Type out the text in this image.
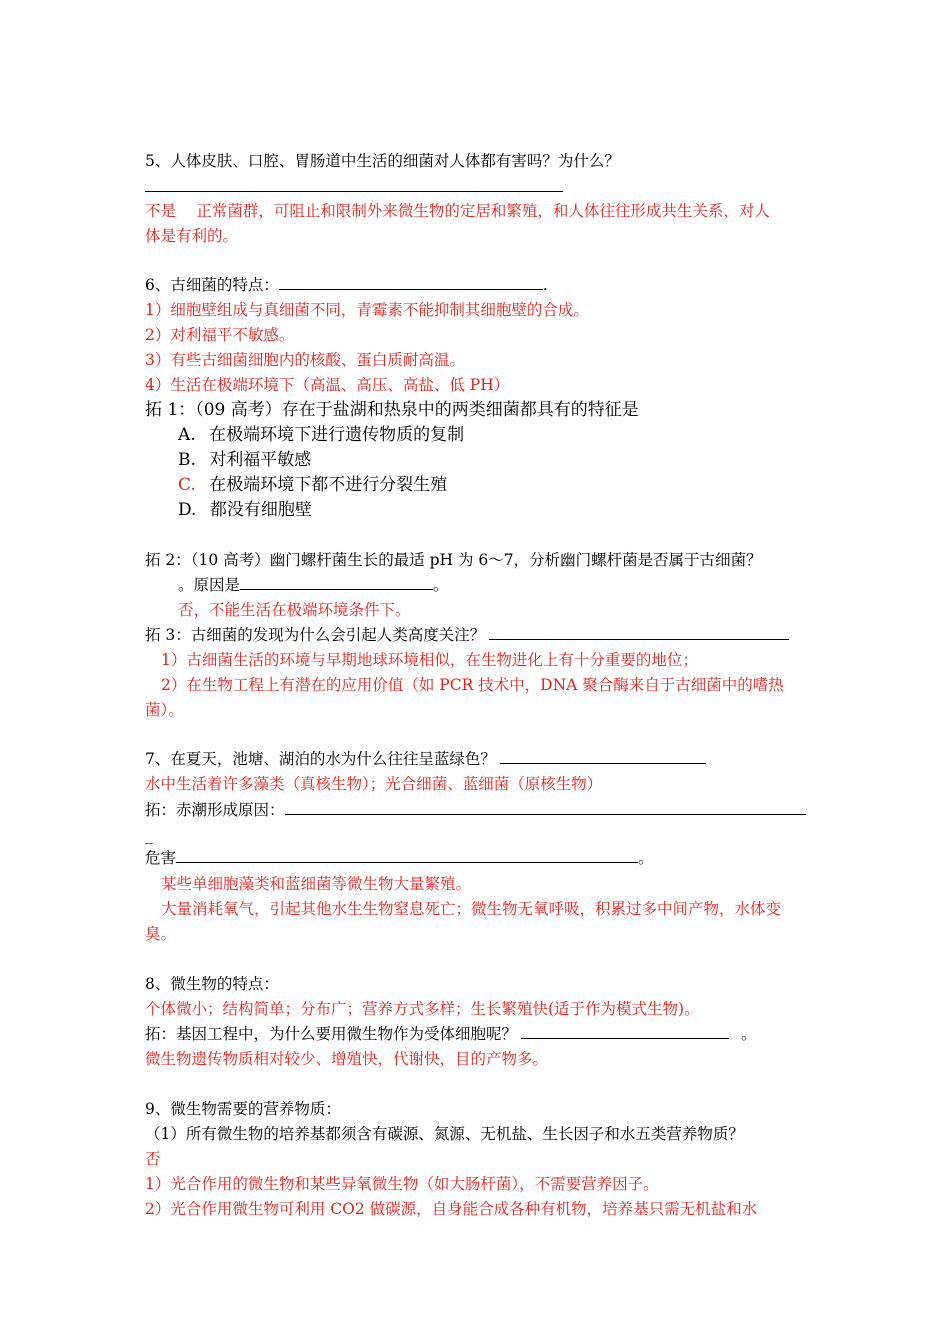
5、人体皮肤、口腔、胃肠道中生活的细菌对人体都有害吗？为什么？
不是　 正常菌群，可阻止和限制外来微生物的定居和繁殖，和人体往往形成共生关系，对人
体是有利的。
6、古细菌的特点：	.
1）细胞壁组成与真细菌不同，青霉素不能抑制其细胞壁的合成。
2）对利福平不敏感。
3）有些古细菌细胞内的核酸、蛋白质耐高温。
4）生活在极端环境下（高温、高压、高盐、低 PH）
拓 1：（09 高考）存在于盐湖和热泉中的两类细菌都具有的特征是
A. 在极端环境下进行遗传物质的复制
B. 对利福平敏感
C. 在极端环境下都不进行分裂生殖
D. 都没有细胞壁
拓 2：（10 高考）幽门螺杆菌生长的最适 pH 为 6～7，分析幽门螺杆菌是否属于古细菌？
。原因是	。
否，不能生活在极端环境条件下。
拓 3：古细菌的发现为什么会引起人类高度关注？
1）古细菌生活的环境与早期地球环境相似，在生物进化上有十分重要的地位；
2）在生物工程上有潜在的应用价值（如 PCR 技术中，DNA 聚合酶来自于古细菌中的嗜热
菌）。
7、在夏天，池塘、湖泊的水为什么往往呈蓝绿色？
水中生活着许多藻类（真核生物）；光合细菌、蓝细菌（原核生物）
拓：赤潮形成原因：
_
危害	。
某些单细胞藻类和蓝细菌等微生物大量繁殖。
大量消耗氧气，引起其他水生生物窒息死亡；微生物无氧呼吸，积累过多中间产物，水体变
臭。
8、微生物的特点：
个体微小；结构简单；分布广；营养方式多样；生长繁殖快(适于作为模式生物)。
拓：基因工程中，为什么要用微生物作为受体细胞呢？	。
微生物遗传物质相对较少、增殖快，代谢快，目的产物多。
9、微生物需要的营养物质：
（1）所有微生物的培养基都须含有碳源、氮源、无机盐、生长因子和水五类营养物质？
否
1）光合作用的微生物和某些异氧微生物（如大肠杆菌），不需要营养因子。
2）光合作用微生物可利用 CO2 做碳源，自身能合成各种有机物，培养基只需无机盐和水
